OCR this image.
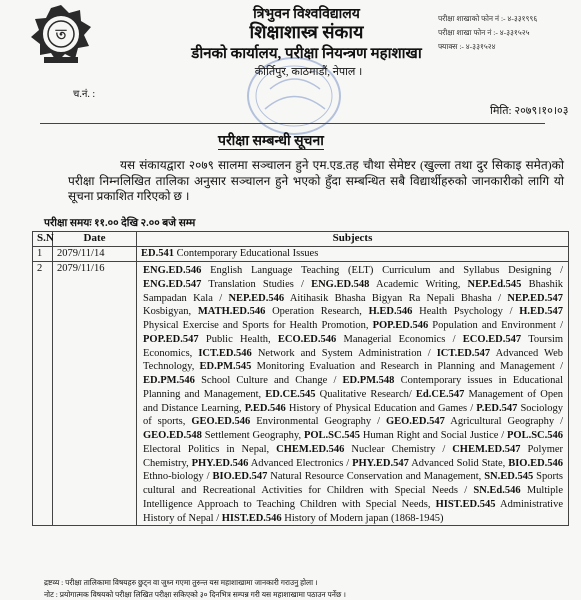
ত
त्रिभुवन विश्वविद्यालय
शिक्षाशास्त्र संकाय
डीनको कार्यालय, परीक्षा नियन्त्रण महाशाखा
कीर्तिपुर, काठमाडौं, नेपाल ।
परीक्षा शाखाको फोन नं :- ४-३३१९९६
परीक्षा शाखा फोन नं :- ४-३३१५२५
फ्याक्स :- ४-३३१५२४
च.नं. :
मिति: २०७९।१०।०३
परीक्षा सम्बन्धी सूचना
यस संकायद्वारा २०७९ सालमा सञ्चालन हुने एम.एड.तह चौथा सेमेष्टर (खुल्ला तथा दुर सिकाइ समेत)को परीक्षा निम्नलिखित तालिका अनुसार सञ्चालन हुने भएको हुँदा सम्बन्धित सबै विद्यार्थीहरुको जानकारीको लागि यो सूचना प्रकाशित गरिएको छ ।
परीक्षा समयः ११.०० देखि २.०० बजे सम्म
S.N	Date	Subjects
1	2079/11/14	ED.541 Contemporary Educational Issues
2	2079/11/16	ENG.ED.546 English Language Teaching (ELT) Curriculum and Syllabus Designing / ENG.ED.547 Translation Studies / ENG.ED.548 Academic Writing, NEP.Ed.545 Bhashik Sampadan Kala / NEP.ED.546 Aitihasik Bhasha Bigyan Ra Nepali Bhasha / NEP.ED.547 Kosbigyan, MATH.ED.546 Operation Research, H.ED.546 Health Psychology / H.ED.547 Physical Exercise and Sports for Health Promotion, POP.ED.546 Population and Environment / POP.ED.547 Public Health, ECO.ED.546 Managerial Economics / ECO.ED.547 Toursim Economics, ICT.ED.546 Network and System Administration / ICT.ED.547 Advanced Web Technology, ED.PM.545 Monitoring Evaluation and Research in Planning and Management / ED.PM.546 School Culture and Change / ED.PM.548 Contemporary issues in Educational Planning and Management, ED.CE.545 Qualitative Research/ Ed.CE.547 Management of Open and Distance Learning, P.ED.546 History of Physical Education and Games / P.ED.547 Sociology of sports, GEO.ED.546 Environmental Geography / GEO.ED.547 Agricultural Geography / GEO.ED.548 Settlement Geography, POL.SC.545 Human Right and Social Justice / POL.SC.546 Electoral Politics in Nepal, CHEM.ED.546 Nuclear Chemistry / CHEM.ED.547 Polymer Chemistry, PHY.ED.546 Advanced Electronics / PHY.ED.547 Advanced Solid State, BIO.ED.546 Ethno-biology / BIO.ED.547 Natural Resource Conservation and Management, SN.ED.545 Sports cultural and Recreational Activities for Children with Special Needs / SN.Ed.546 Multiple Intelligence Approach to Teaching Children with Special Needs, HIST.ED.545 Administrative History of Nepal / HIST.ED.546 History of Modern japan (1868-1945)
द्रष्टव्य : परीक्षा तालिकामा विषयहरु छुट्न वा जुध्न गएमा तुरुन्त यस महाशाखामा जानकारी गराउनु होला ।
नोट : प्रयोगात्मक विषयको परीक्षा लिखित परीक्षा सकिएको ३० दिनभित्र सम्पन्न गरी यस महाशाखामा पठाउन पर्नेछ ।
